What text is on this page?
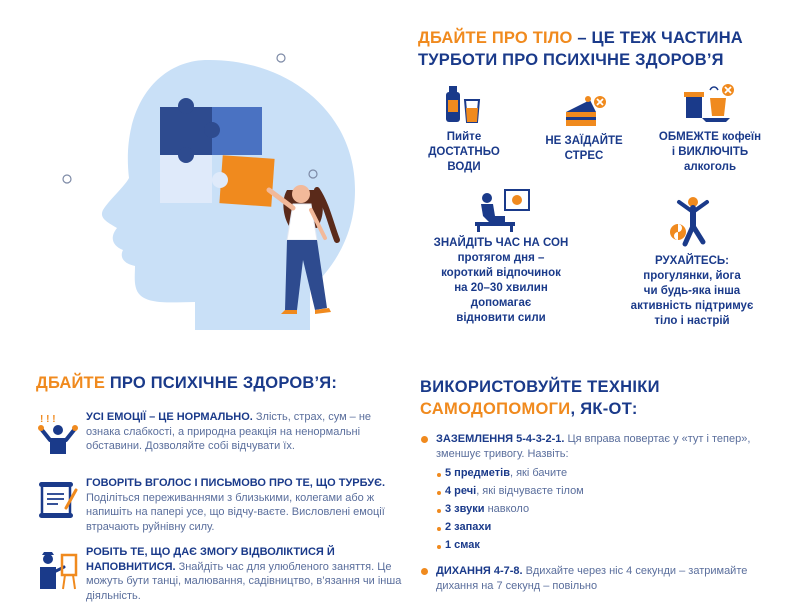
ДБАЙТЕ ПРО ТІЛО – ЦЕ ТЕЖ ЧАСТИНА
ТУРБОТИ ПРО ПСИХІЧНЕ ЗДОРОВ’Я
Пийте
ДОСТАТНЬО
ВОДИ
НЕ ЗАЇДАЙТЕ
СТРЕС
ОБМЕЖТЕ кофеїн
і ВИКЛЮЧІТЬ
алкоголь
ЗНАЙДІТЬ ЧАС НА СОН
протягом дня –
короткий відпочинок
на 20–30 хвилин
допомагає
відновити сили
РУХАЙТЕСЬ:
прогулянки, йога
чи будь-яка інша
активність підтримує
тіло і настрій
ДБАЙТЕ ПРО ПСИХІЧНЕ ЗДОРОВ’Я:
! ! !	УСІ ЕМОЦІЇ – ЦЕ НОРМАЛЬНО. Злість, страх, сум – не ознака слабкості, а природна реакція на ненормальні обставини. Дозволяйте собі відчувати їх.
ГОВОРІТЬ ВГОЛОС І ПИСЬМОВО ПРО ТЕ, ЩО ТУРБУЄ. Поділіться переживаннями з близькими, колегами або ж напишіть на папері усе, що відчу-ваєте. Висловлені емоції втрачають руйнівну силу.
РОБІТЬ ТЕ, ЩО ДАЄ ЗМОГУ ВІДВОЛІКТИСЯ Й НАПОВНИТИСЯ. Знайдіть час для улюбленого заняття. Це можуть бути танці, малювання, садівництво, в’язання чи інша діяльність.
ВИКОРИСТОВУЙТЕ ТЕХНІКИ
САМОДОПОМОГИ, ЯК-ОТ:
ЗАЗЕМЛЕННЯ 5-4-3-2-1. Ця вправа повертає у «тут і тепер», зменшує тривогу. Назвіть:
5 предметів, які бачите
4 речі, які відчуваєте тілом
3 звуки навколо
2 запахи
1 смак
ДИХАННЯ 4-7-8. Вдихайте через ніс 4 секунди – затримайте дихання на 7 секунд – повільно
